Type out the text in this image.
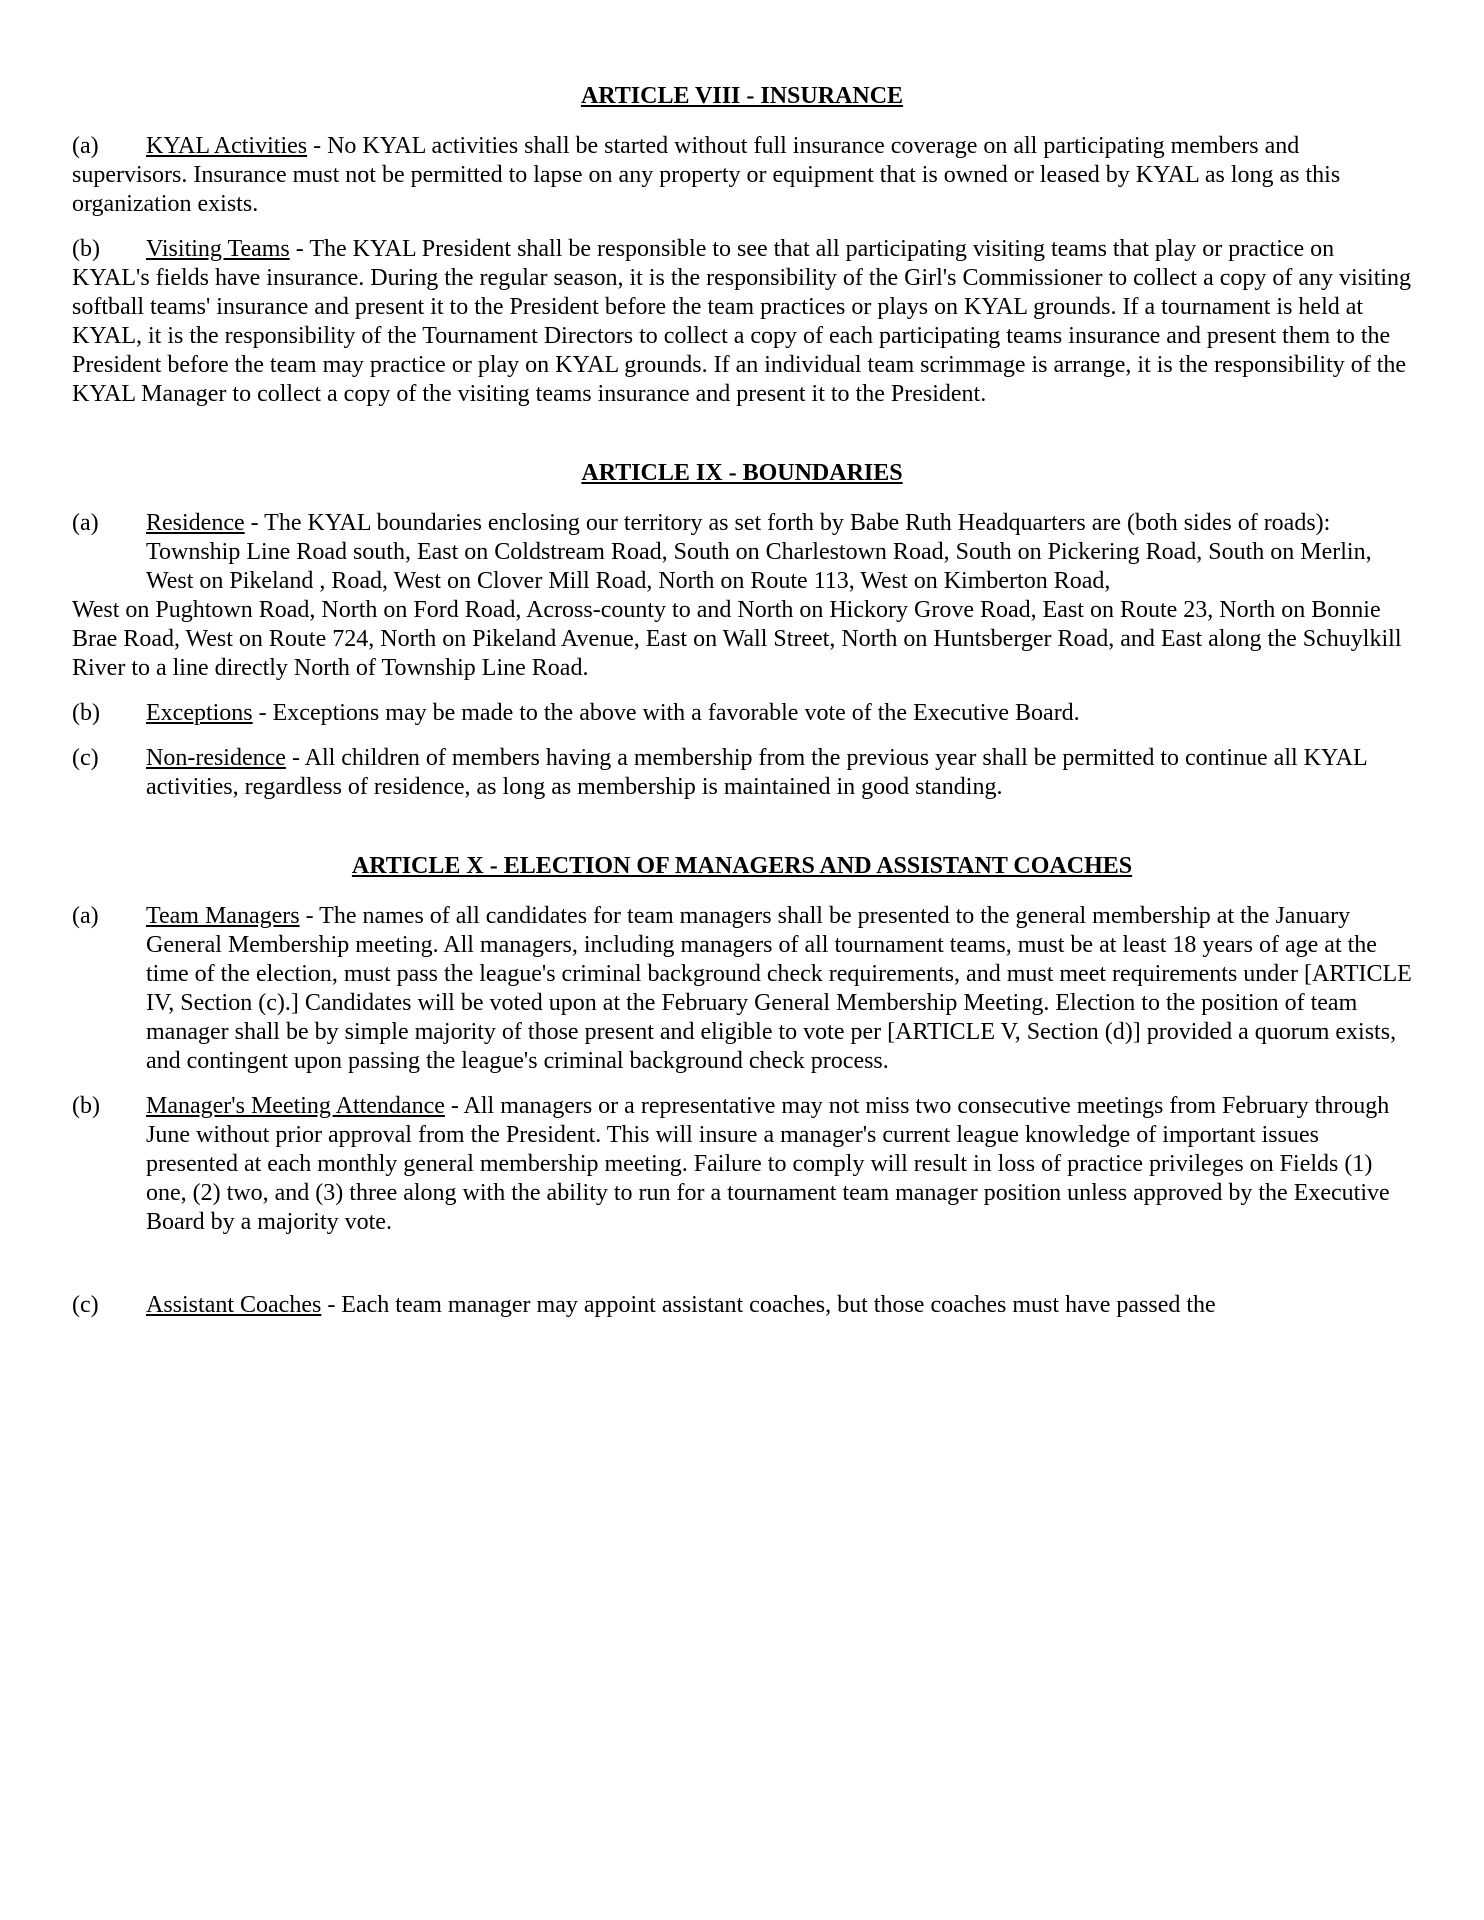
ARTICLE VIII - INSURANCE

(a) KYAL Activities - No KYAL activities shall be started without full insurance coverage on all participating members and supervisors. Insurance must not be permitted to lapse on any property or equipment that is owned or leased by KYAL as long as this organization exists.

(b) Visiting Teams - The KYAL President shall be responsible to see that all participating visiting teams that play or practice on KYAL's fields have insurance. During the regular season, it is the responsibility of the Girl's Commissioner to collect a copy of any visiting softball teams' insurance and present it to the President before the team practices or plays on KYAL grounds. If a tournament is held at KYAL, it is the responsibility of the Tournament Directors to collect a copy of each participating teams insurance and present them to the President before the team may practice or play on KYAL grounds. If an individual team scrimmage is arrange, it is the responsibility of the KYAL Manager to collect a copy of the visiting teams insurance and present it to the President.

ARTICLE IX - BOUNDARIES

(a) Residence - The KYAL boundaries enclosing our territory as set forth by Babe Ruth Headquarters are (both sides of roads): Township Line Road south, East on Coldstream Road, South on Charlestown Road, South on Pickering Road, South on Merlin, West on Pikeland , Road, West on Clover Mill Road, North on Route 113, West on Kimberton Road,

West on Pughtown Road, North on Ford Road, Across-county to and North on Hickory Grove Road, East on Route 23, North on Bonnie Brae Road, West on Route 724, North on Pikeland Avenue, East on Wall Street, North on Huntsberger Road, and East along the Schuylkill River to a line directly North of Township Line Road.

(b) Exceptions - Exceptions may be made to the above with a favorable vote of the Executive Board.

(c) Non-residence - All children of members having a membership from the previous year shall be permitted to continue all KYAL activities, regardless of residence, as long as membership is maintained in good standing.

ARTICLE X - ELECTION OF MANAGERS AND ASSISTANT COACHES

(a) Team Managers - The names of all candidates for team managers shall be presented to the general membership at the January General Membership meeting. All managers, including managers of all tournament teams, must be at least 18 years of age at the time of the election, must pass the league's criminal background check requirements, and must meet requirements under [ARTICLE IV, Section (c).] Candidates will be voted upon at the February General Membership Meeting. Election to the position of team manager shall be by simple majority of those present and eligible to vote per [ARTICLE V, Section (d)] provided a quorum exists, and contingent upon passing the league's criminal background check process.

(b) Manager's Meeting Attendance - All managers or a representative may not miss two consecutive meetings from February through June without prior approval from the President. This will insure a manager's current league knowledge of important issues presented at each monthly general membership meeting. Failure to comply will result in loss of practice privileges on Fields (1) one, (2) two, and (3) three along with the ability to run for a tournament team manager position unless approved by the Executive Board by a majority vote.

(c) Assistant Coaches - Each team manager may appoint assistant coaches, but those coaches must have passed the
